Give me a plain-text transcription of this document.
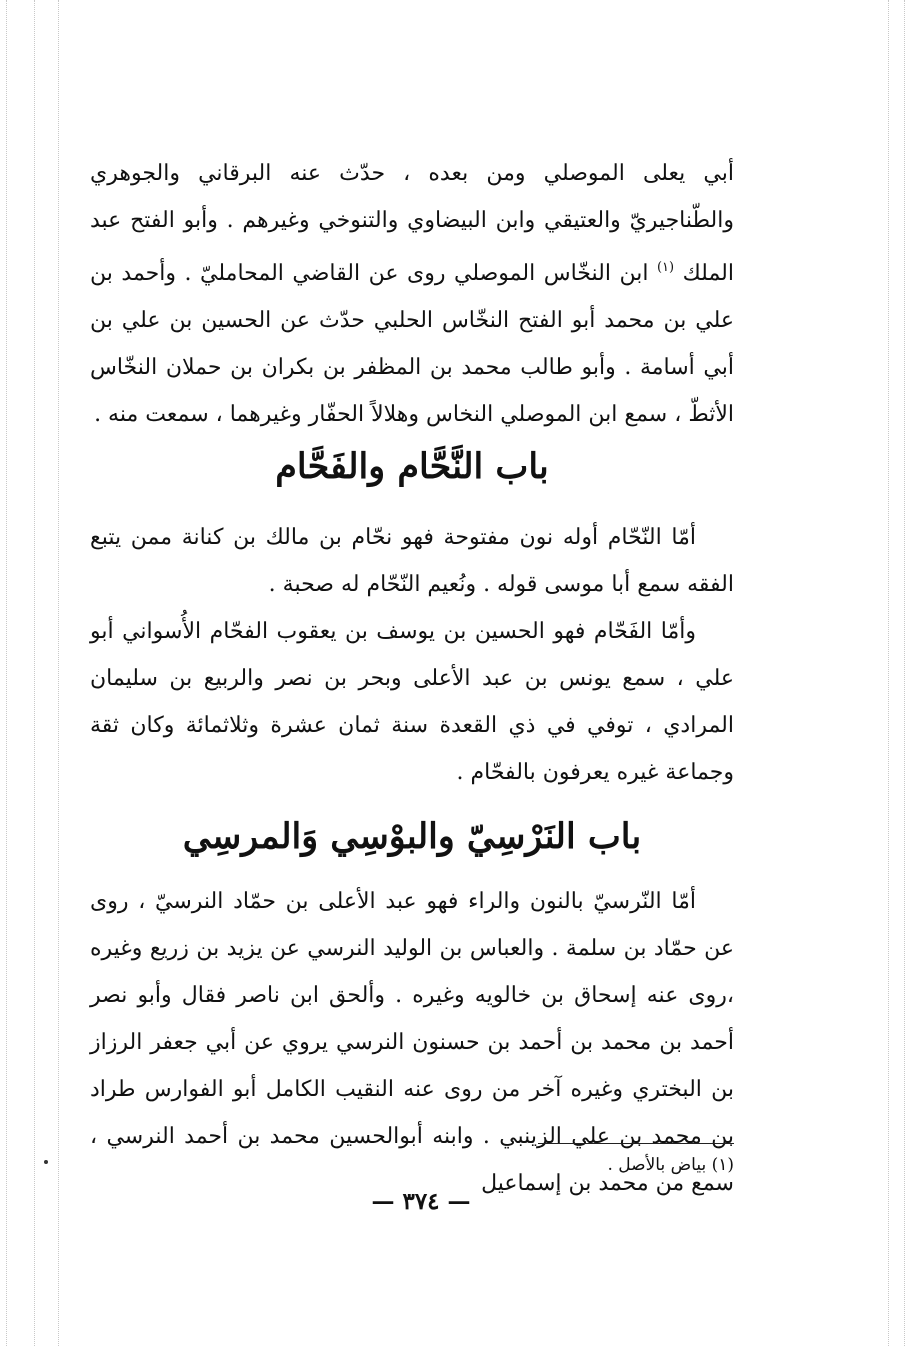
أبي يعلى الموصلي ومن بعده ، حدّث عنه البرقاني والجوهري والطّناجيريّ والعتيقي وابن البيضاوي والتنوخي وغيرهم . وأبو الفتح عبد الملك $^{(١)}$ ابن النخّاس الموصلي روى عن القاضي المحامليّ . وأحمد بن علي بن محمد أبو الفتح النخّاس الحلبي حدّث عن الحسين بن علي بن أبي أسامة . وأبو طالب محمد بن المظفر بن بكران بن حملان النخّاس الأثطّ ، سمع ابن الموصلي النخاس وهلالاً الحفّار وغيرهما ، سمعت منه .

باب النَّحَّام والفَحَّام

أمّا النّحّام أوله نون مفتوحة فهو نحّام بن مالك بن كنانة ممن يتبع الفقه سمع أبا موسى قوله . ونُعيم النّحّام له صحبة .

وأمّا الفَحّام فهو الحسين بن يوسف بن يعقوب الفحّام الأُسواني أبو علي ، سمع يونس بن عبد الأعلى وبحر بن نصر والربيع بن سليمان المرادي ، توفي في ذي القعدة سنة ثمان عشرة وثلاثمائة وكان ثقة وجماعة غيره يعرفون بالفحّام .

باب النَرْسِيّ والبوْسِي وَالمرسِي

أمّا النّرسيّ بالنون والراء فهو عبد الأعلى بن حمّاد النرسيّ ، روى عن حمّاد بن سلمة . والعباس بن الوليد النرسي عن يزيد بن زريع وغيره ،روى عنه إسحاق بن خالويه وغيره . وألحق ابن ناصر فقال وأبو نصر أحمد بن محمد بن أحمد بن حسنون النرسي يروي عن أبي جعفر الرزاز بن البختري وغيره آخر من روى عنه النقيب الكامل أبو الفوارس طراد بن محمد بن علي الزينبي . وابنه أبوالحسين محمد بن أحمد النرسي ، سمع من محمد بن إسماعيل

(١) بياض بالأصل .

— ٣٧٤ —
